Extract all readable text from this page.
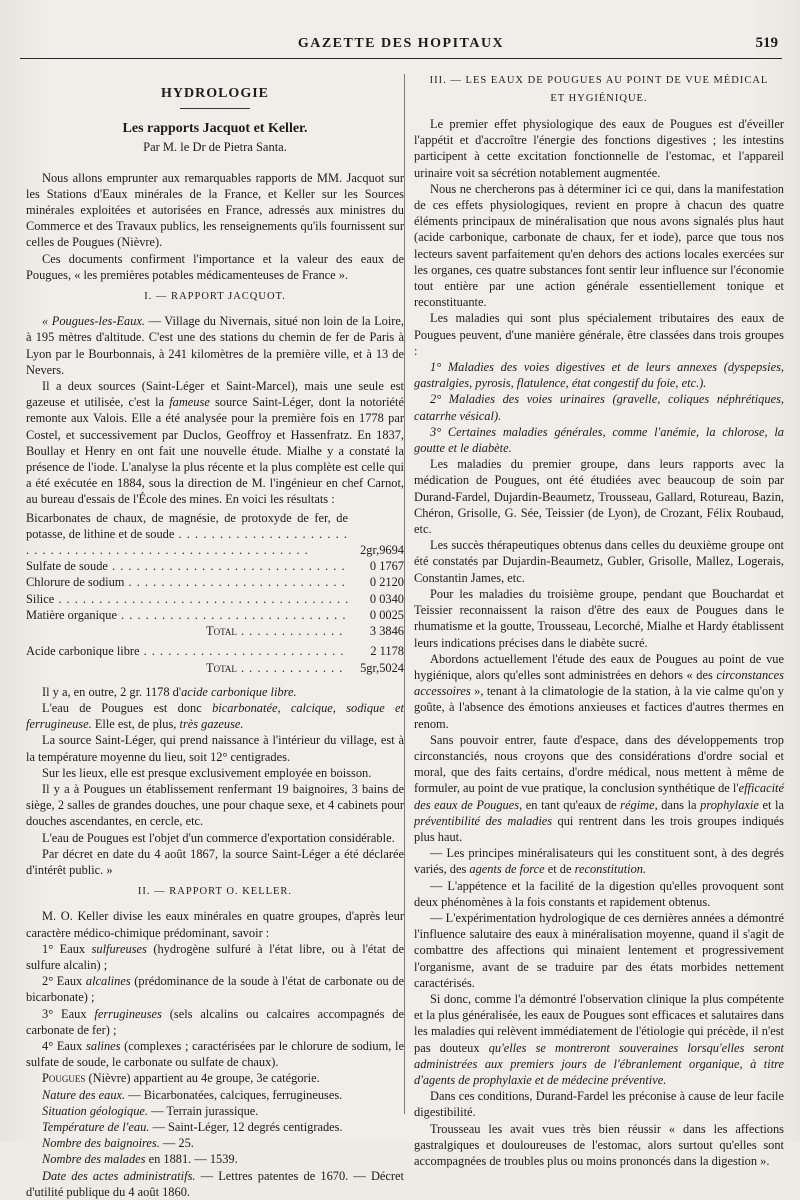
GAZETTE DES HOPITAUX	519
HYDROLOGIE
Les rapports Jacquot et Keller.
Par M. le Dr de Pietra Santa.

Nous allons emprunter aux remarquables rapports de MM. Jacquot sur les Stations d'Eaux minérales de la France, et Keller sur les Sources minérales exploitées et autorisées en France, adressés aux ministres du Commerce et des Travaux publics, les renseignements qu'ils fournissent sur celles de Pougues (Nièvre).

Ces documents confirment l'importance et la valeur des eaux de Pougues, « les premières potables médicamenteuses de France ».

I. — RAPPORT JACQUOT.

« Pougues-les-Eaux. — Village du Nivernais, situé non loin de la Loire, à 195 mètres d'altitude. C'est une des stations du chemin de fer de Paris à Lyon par le Bourbonnais, à 241 kilomètres de la première ville, et à 13 de Nevers.

Il a deux sources (Saint-Léger et Saint-Marcel), mais une seule est gazeuse et utilisée, c'est la fameuse source Saint-Léger, dont la notoriété remonte aux Valois. Elle a été analysée pour la première fois en 1778 par Costel, et successivement par Duclos, Geoffroy et Hassenfratz. En 1837, Boullay et Henry en ont fait une nouvelle étude. Mialhe y a constaté la présence de l'iode. L'analyse la plus récente et la plus complète est celle qui a été exécutée en 1884, sous la direction de M. l'ingénieur en chef Carnot, au bureau d'essais de l'École des mines. En voici les résultats :

Bicarbonates de chaux, de magnésie, de protoxyde de fer, de potasse, de lithine et de soude . . .
2gr,9694
Sulfate de soude . . .	0 1767
Chlorure de sodium . . .	0 2120
Silice . . .	0 0340
Matière organique . . .	0 0025
Total . . .	3 3846
Acide carbonique libre . . .	2 1178
Total . . .	5gr,5024

Il y a, en outre, 2 gr. 1178 d'acide carbonique libre.

L'eau de Pougues est donc bicarbonatée, calcique, sodique et ferrugineuse. Elle est, de plus, très gazeuse.

La source Saint-Léger, qui prend naissance à l'intérieur du village, est à la température moyenne du lieu, soit 12° centigrades.

Sur les lieux, elle est presque exclusivement employée en boisson.

Il y a à Pougues un établissement renfermant 19 baignoires, 3 bains de siège, 2 salles de grandes douches, une pour chaque sexe, et 4 cabinets pour douches ascendantes, en cercle, etc.

L'eau de Pougues est l'objet d'un commerce d'exportation considérable.

Par décret en date du 4 août 1867, la source Saint-Léger a été déclarée d'intérêt public. »

II. — RAPPORT O. KELLER.

M. O. Keller divise les eaux minérales en quatre groupes, d'après leur caractère médico-chimique prédominant, savoir :

1° Eaux sulfureuses (hydrogène sulfuré à l'état libre, ou à l'état de sulfure alcalin) ;

2° Eaux alcalines (prédominance de la soude à l'état de carbonate ou de bicarbonate) ;

3° Eaux ferrugineuses (sels alcalins ou calcaires accompagnés de carbonate de fer) ;

4° Eaux salines (complexes ; caractérisées par le chlorure de sodium, le sulfate de soude, le carbonate ou sulfate de chaux).

Pougues (Nièvre) appartient au 4e groupe, 3e catégorie.

Nature des eaux. — Bicarbonatées, calciques, ferrugineuses.

Situation géologique. — Terrain jurassique.

Température de l'eau. — Saint-Léger, 12 degrés centigrades.

Nombre des baignoires. — 25.

Nombre des malades en 1881. — 1539.

Date des actes administratifs. — Lettres patentes de 1670. — Décret d'utilité publique du 4 août 1860.

III. — LES EAUX DE POUGUES AU POINT DE VUE MÉDICAL
ET HYGIÉNIQUE.

Le premier effet physiologique des eaux de Pougues est d'éveiller l'appétit et d'accroître l'énergie des fonctions digestives ; les intestins participent à cette excitation fonctionnelle de l'estomac, et l'appareil urinaire voit sa sécrétion notablement augmentée.

Nous ne chercherons pas à déterminer ici ce qui, dans la manifestation de ces effets physiologiques, revient en propre à chacun des quatre éléments principaux de minéralisation que nous avons signalés plus haut (acide carbonique, carbonate de chaux, fer et iode), parce que tous nos lecteurs savent parfaitement qu'en dehors des actions locales exercées sur les organes, ces quatre substances font sentir leur influence sur l'économie tout entière par une action générale essentiellement tonique et reconstituante.

Les maladies qui sont plus spécialement tributaires des eaux de Pougues peuvent, d'une manière générale, être classées dans trois groupes :

1° Maladies des voies digestives et de leurs annexes (dyspepsies, gastralgies, pyrosis, flatulence, état congestif du foie, etc.).

2° Maladies des voies urinaires (gravelle, coliques néphrétiques, catarrhe vésical).

3° Certaines maladies générales, comme l'anémie, la chlorose, la goutte et le diabète.

Les maladies du premier groupe, dans leurs rapports avec la médication de Pougues, ont été étudiées avec beaucoup de soin par Durand-Fardel, Dujardin-Beaumetz, Trousseau, Gallard, Rotureau, Bazin, Chéron, Grisolle, G. Sée, Teissier (de Lyon), de Crozant, Félix Roubaud, etc.

Les succès thérapeutiques obtenus dans celles du deuxième groupe ont été constatés par Dujardin-Beaumetz, Gubler, Grisolle, Mallez, Logerais, Constantin James, etc.

Pour les maladies du troisième groupe, pendant que Bouchardat et Teissier reconnaissent la raison d'être des eaux de Pougues dans le rhumatisme et la goutte, Trousseau, Lecorché, Mialhe et Hardy établissent leurs indications précises dans le diabète sucré.

Abordons actuellement l'étude des eaux de Pougues au point de vue hygiénique, alors qu'elles sont administrées en dehors « des circonstances accessoires », tenant à la climatologie de la station, à la vie calme qu'on y goûte, à l'absence des émotions anxieuses et factices d'autres thermes en renom.

Sans pouvoir entrer, faute d'espace, dans des développements trop circonstanciés, nous croyons que des considérations d'ordre social et moral, que des faits certains, d'ordre médical, nous mettent à même de formuler, au point de vue pratique, la conclusion synthétique de l'efficacité des eaux de Pougues, en tant qu'eaux de régime, dans la prophylaxie et la préventibilité des maladies qui rentrent dans les trois groupes indiqués plus haut.

— Les principes minéralisateurs qui les constituent sont, à des degrés variés, des agents de force et de reconstitution.

— L'appétence et la facilité de la digestion qu'elles provoquent sont deux phénomènes à la fois constants et rapidement obtenus.

— L'expérimentation hydrologique de ces dernières années a démontré l'influence salutaire des eaux à minéralisation moyenne, quand il s'agit de combattre des affections qui minaient lentement et progressivement l'organisme, avant de se traduire par des états morbides nettement caractérisés.

Si donc, comme l'a démontré l'observation clinique la plus compétente et la plus généralisée, les eaux de Pougues sont efficaces et salutaires dans les maladies qui relèvent immédiatement de l'étiologie qui précède, il n'est pas douteux qu'elles se montreront souveraines lorsqu'elles seront administrées aux premiers jours de l'ébranlement organique, à titre d'agents de prophylaxie et de médecine préventive.

Dans ces conditions, Durand-Fardel les préconise à cause de leur facile digestibilité.

Trousseau les avait vues très bien réussir « dans les affections gastralgiques et douloureuses de l'estomac, alors surtout qu'elles sont accompagnées de troubles plus ou moins prononcés dans la digestion ».
